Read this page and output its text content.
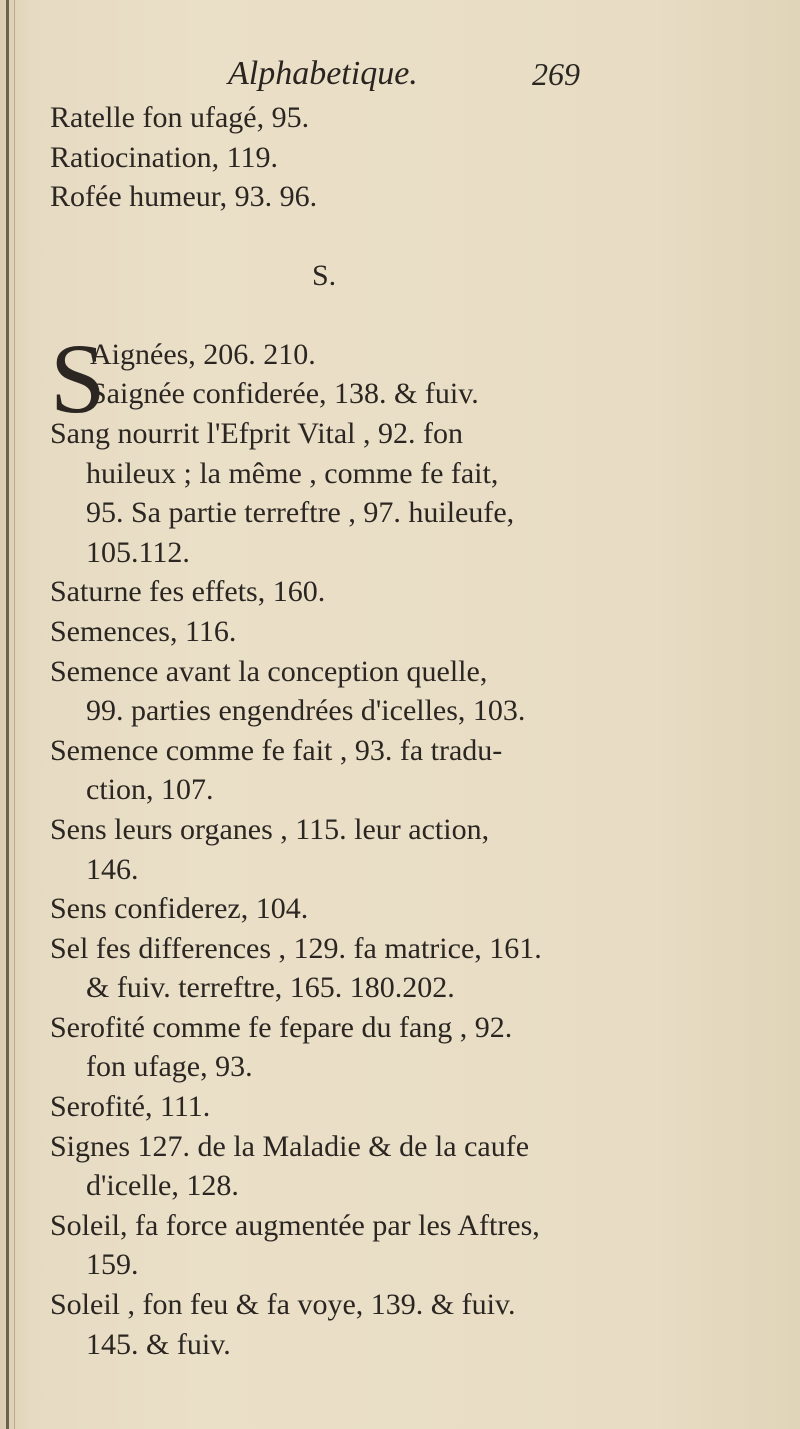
Alphabetique.	269
Ratelle fon ufagé, 95.
Ratiocination, 119.
Rofée humeur, 93. 96.
S.
S
Aignées, 206. 210.
Saignée confiderée, 138. & fuiv.
Sang nourrit l'Efprit Vital , 92. fon
huileux ; la même , comme fe fait,
95. Sa partie terreftre , 97. huileufe,
105.112.
Saturne fes effets, 160.
Semences, 116.
Semence avant la conception quelle,
99. parties engendrées d'icelles, 103.
Semence comme fe fait , 93. fa tradu-
ction, 107.
Sens leurs organes , 115. leur action,
146.
Sens confiderez, 104.
Sel fes differences , 129. fa matrice, 161.
& fuiv. terreftre, 165. 180.202.
Serofité comme fe fepare du fang , 92.
fon ufage, 93.
Serofité, 111.
Signes 127. de la Maladie & de la caufe
d'icelle, 128.
Soleil, fa force augmentée par les Aftres,
159.
Soleil , fon feu & fa voye, 139. & fuiv.
145. & fuiv.
